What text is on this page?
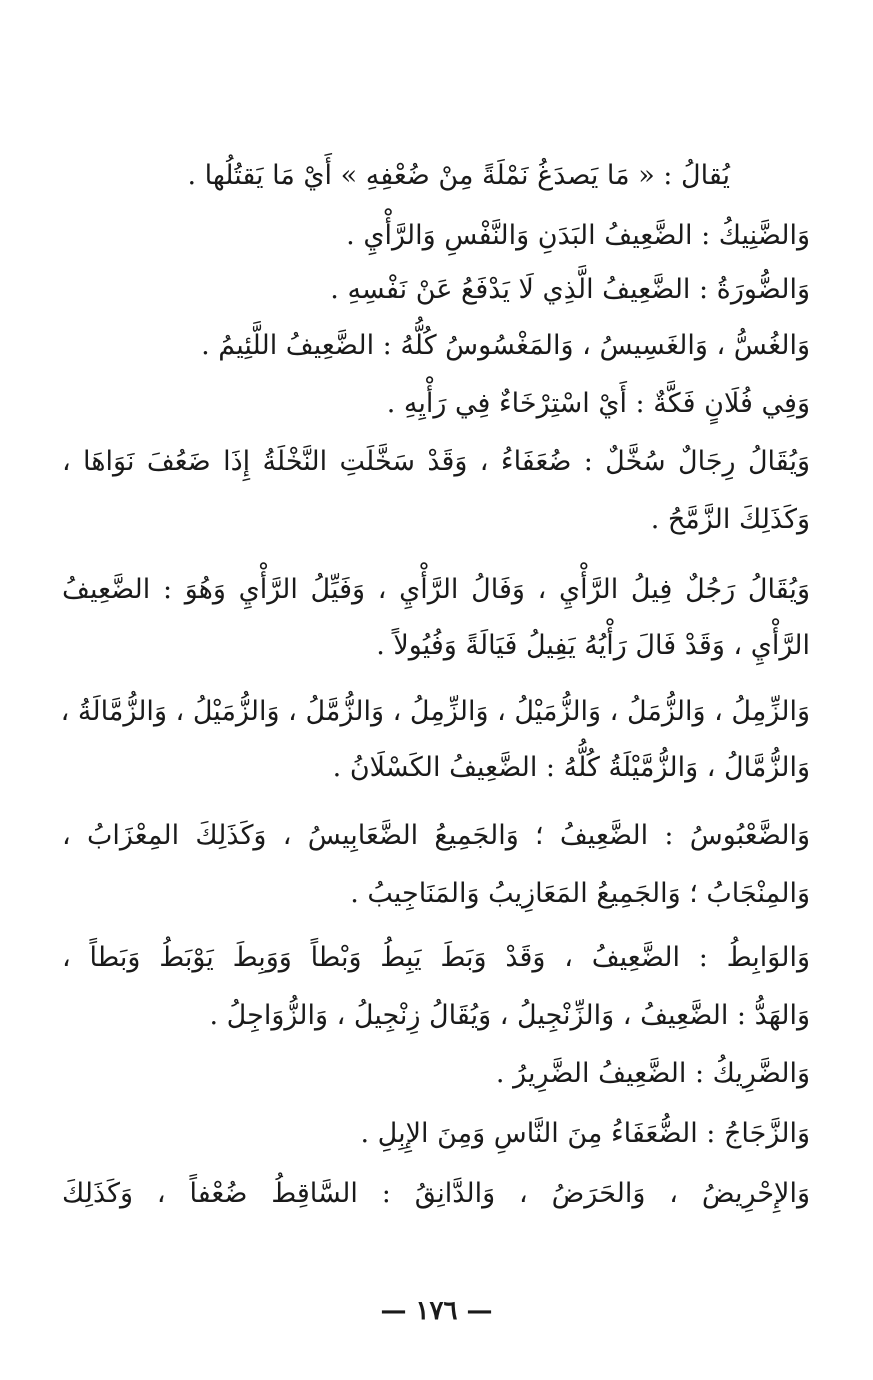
يُقالُ : « مَا يَصدَغُ نَمْلَةً مِنْ ضُعْفِهِ » أَيْ مَا يَقتُلُها .
وَالضَّنِيكُ : الضَّعِيفُ البَدَنِ وَالنَّفْسِ وَالرَّأْيِ .
وَالضُّورَةُ : الضَّعِيفُ الَّذِي لَا يَدْفَعُ عَنْ نَفْسِهِ .
وَالغُسُّ ، وَالغَسِيسُ ، وَالمَغْسُوسُ كُلُّهُ : الضَّعِيفُ اللَّئِيمُ .
وَفِي فُلَانٍ فَكَّةٌ : أَيْ اسْتِرْخَاءٌ فِي رَأْيِهِ .
وَيُقَالُ رِجَالٌ سُخَّلٌ : ضُعَفَاءُ ، وَقَدْ سَخَّلَتِ النَّخْلَةُ إِذَا ضَعُفَ نَوَاهَا ،
وَكَذَلِكَ الزَّمَّحُ .
وَيُقَالُ رَجُلٌ فِيلُ الرَّأْيِ ، وَفَالُ الرَّأْيِ ، وَفَيِّلُ الرَّأْيِ وَهُوَ : الضَّعِيفُ
الرَّأْيِ ، وَقَدْ فَالَ رَأْيُهُ يَفِيلُ فَيَالَةً وَفُيُولاً .
وَالزِّمِلُ ، وَالزُّمَلُ ، وَالزُّمَيْلُ ، وَالزِّمِلُ ، وَالزُّمَّلُ ، وَالزُّمَيْلُ ، وَالزُّمَّالَةُ ،
وَالزُّمَّالُ ، وَالزُّمَّيْلَةُ كُلُّهُ : الضَّعِيفُ الكَسْلَانُ .
وَالضَّعْبُوسُ : الضَّعِيفُ ؛ وَالجَمِيعُ الضَّعَابِيسُ ، وَكَذَلِكَ المِعْزَابُ ،
وَالمِنْجَابُ ؛ وَالجَمِيعُ المَعَازِيبُ وَالمَنَاجِيبُ .
وَالوَابِطُ : الضَّعِيفُ ، وَقَدْ وَبَطَ يَبِطُ وَبْطاً وَوَبِطَ يَوْبَطُ وَبَطاً ،
وَالهَدُّ : الضَّعِيفُ ، وَالزِّنْجِيلُ ، وَيُقَالُ زِنْجِيلُ ، وَالزُّوَاجِلُ .
وَالضَّرِيكُ : الضَّعِيفُ الضَّرِيرُ .
وَالزَّجَاجُ : الضُّعَفَاءُ مِنَ النَّاسِ وَمِنَ الإِبِلِ .
وَالإِحْرِيضُ ، وَالحَرَضُ ، وَالدَّانِقُ : السَّاقِطُ ضُعْفاً ، وَكَذَلِكَ
— ١٧٦ —
